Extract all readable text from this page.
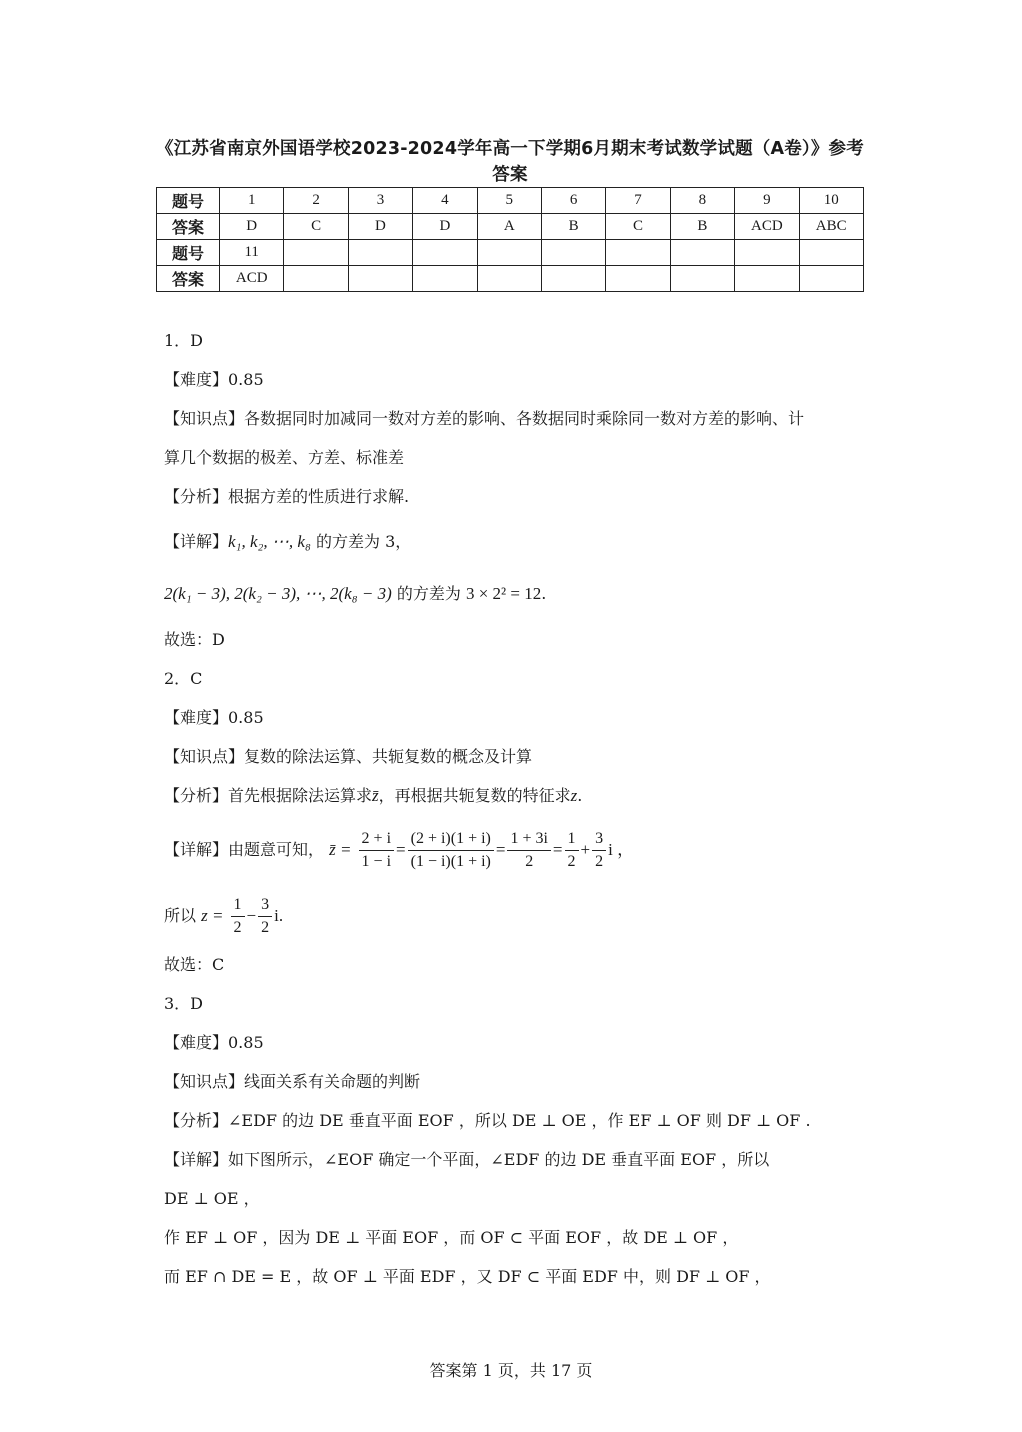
《江苏省南京外国语学校2023-2024学年高一下学期6月期末考试数学试题（A卷）》参考
答案
题号	1	2	3	4	5	6	7	8	9	10
答案	D	C	D	D	A	B	C	B	ACD	ABC
题号	11									
答案	ACD									
1．D
【难度】0.85
【知识点】各数据同时加减同一数对方差的影响、各数据同时乘除同一数对方差的影响、计
算几个数据的极差、方差、标准差
【分析】根据方差的性质进行求解.
【详解】k₁, k₂, ⋯, k₈ 的方差为 3，
2(k₁ − 3), 2(k₂ − 3), ⋯, 2(k₈ − 3) 的方差为 3 × 2² = 12.
故选：D
2．C
【难度】0.85
【知识点】复数的除法运算、共轭复数的概念及计算
【分析】首先根据除法运算求z̄，再根据共轭复数的特征求z.
【详解】由题意可知， z̄ = $\frac{2 + i}{1 - i} = \frac{(2 + i)(1 + i)}{(1 - i)(1 + i)} = \frac{1 + 3i}{2} = \frac{1}{2} + \frac{3}{2}$ i ，
所以 $z = \frac{1}{2} - \frac{3}{2} i$.
故选：C
3．D
【难度】0.85
【知识点】线面关系有关命题的判断
【分析】∠EDF 的边 DE 垂直平面 EOF ，所以 DE ⊥ OE ，作 EF ⊥ OF 则 DF ⊥ OF .
【详解】如下图所示，∠EOF 确定一个平面，∠EDF 的边 DE 垂直平面 EOF ，所以
DE ⊥ OE ，
作 EF ⊥ OF ，因为 DE ⊥ 平面 EOF ，而 OF ⊂ 平面 EOF ，故 DE ⊥ OF ，
而 EF ∩ DE = E ，故 OF ⊥ 平面 EDF ，又 DF ⊂ 平面 EDF 中，则 DF ⊥ OF ，
答案第 1 页，共 17 页
